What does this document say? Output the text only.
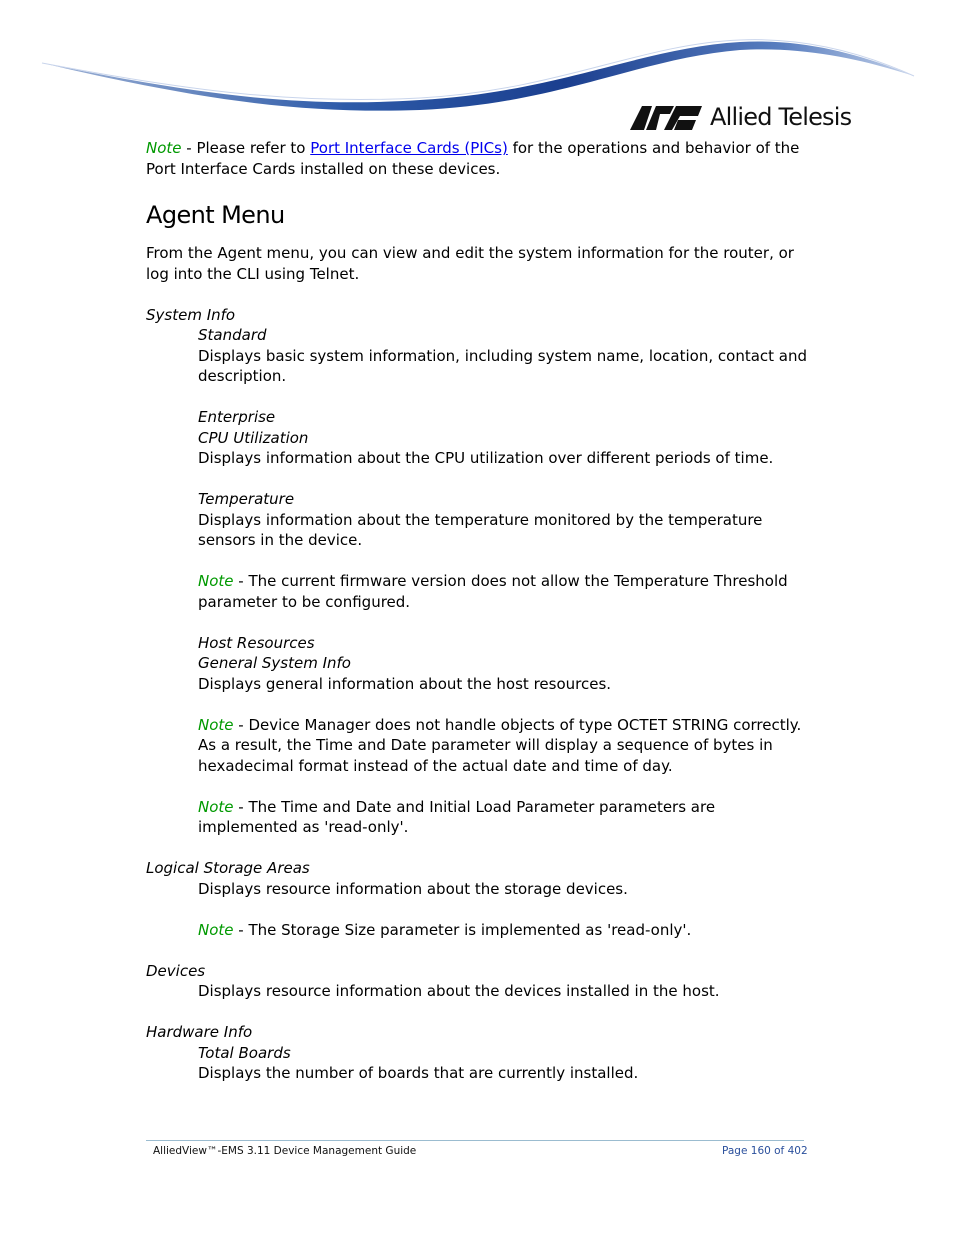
Allied Telesis

Note - Please refer to Port Interface Cards (PICs) for the operations and behavior of the Port Interface Cards installed on these devices.

Agent Menu

From the Agent menu, you can view and edit the system information for the router, or log into the CLI using Telnet.

System Info

Standard

Displays basic system information, including system name, location, contact and description.

Enterprise

CPU Utilization

Displays information about the CPU utilization over different periods of time.

Temperature

Displays information about the temperature monitored by the temperature sensors in the device.

Note - The current firmware version does not allow the Temperature Threshold parameter to be configured.

Host Resources

General System Info

Displays general information about the host resources.

Note - Device Manager does not handle objects of type OCTET STRING correctly. As a result, the Time and Date parameter will display a sequence of bytes in hexadecimal format instead of the actual date and time of day.

Note - The Time and Date and Initial Load Parameter parameters are implemented as 'read-only'.

Logical Storage Areas

Displays resource information about the storage devices.

Note - The Storage Size parameter is implemented as 'read-only'.

Devices

Displays resource information about the devices installed in the host.

Hardware Info

Total Boards

Displays the number of boards that are currently installed.

AlliedView™-EMS 3.11 Device Management Guide	Page 160 of 402
